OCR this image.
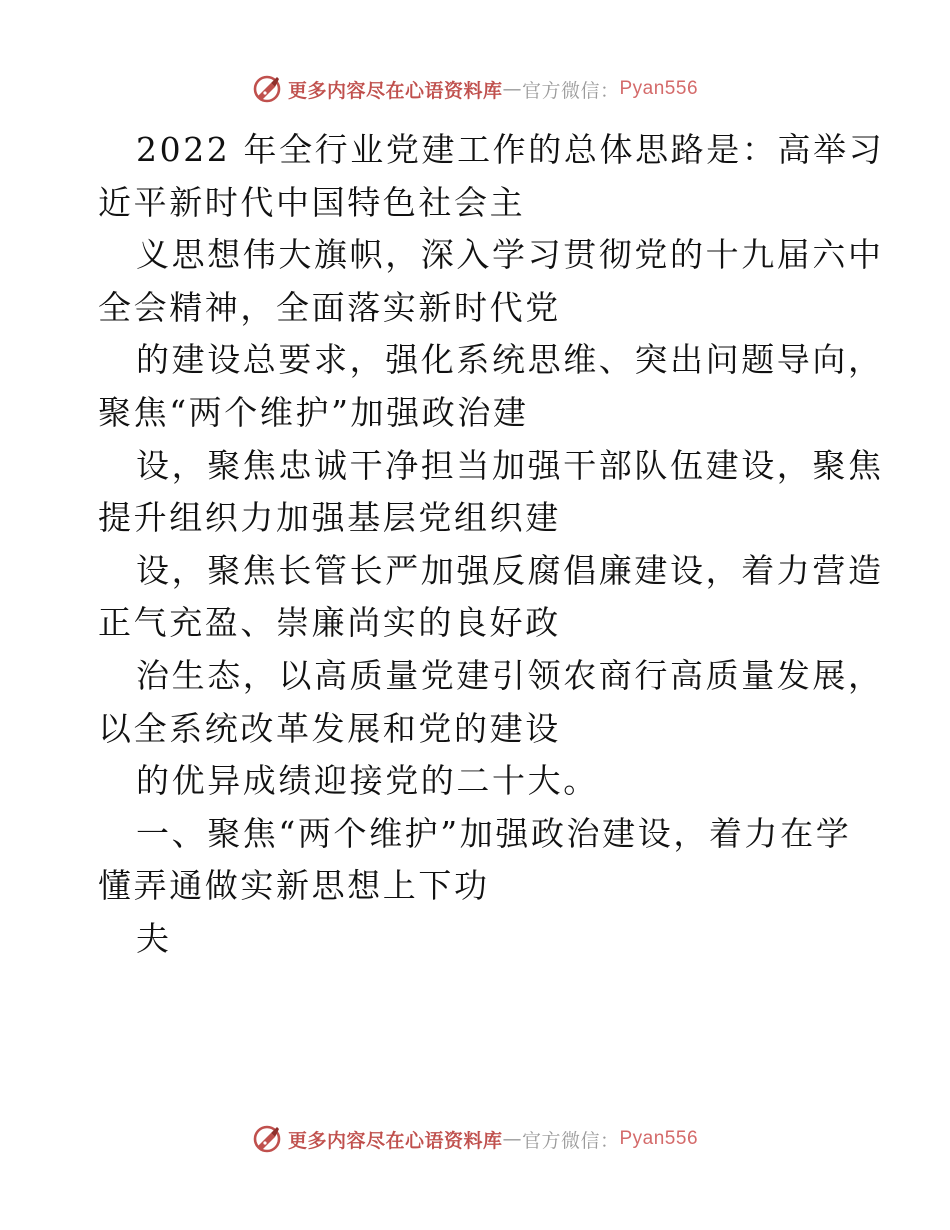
更多内容尽在心语资料库 — 官方微信： Pyan556
2022 年全行业党建工作的总体思路是：高举习
近平新时代中国特色社会主
义思想伟大旗帜，深入学习贯彻党的十九届六中
全会精神，全面落实新时代党
的建设总要求，强化系统思维、突出问题导向，
聚焦“两个维护”加强政治建
设，聚焦忠诚干净担当加强干部队伍建设，聚焦
提升组织力加强基层党组织建
设，聚焦长管长严加强反腐倡廉建设，着力营造
正气充盈、崇廉尚实的良好政
治生态，以高质量党建引领农商行高质量发展，
以全系统改革发展和党的建设
的优异成绩迎接党的二十大。
一、聚焦“两个维护”加强政治建设，着力在学
懂弄通做实新思想上下功
夫
更多内容尽在心语资料库 — 官方微信： Pyan556
